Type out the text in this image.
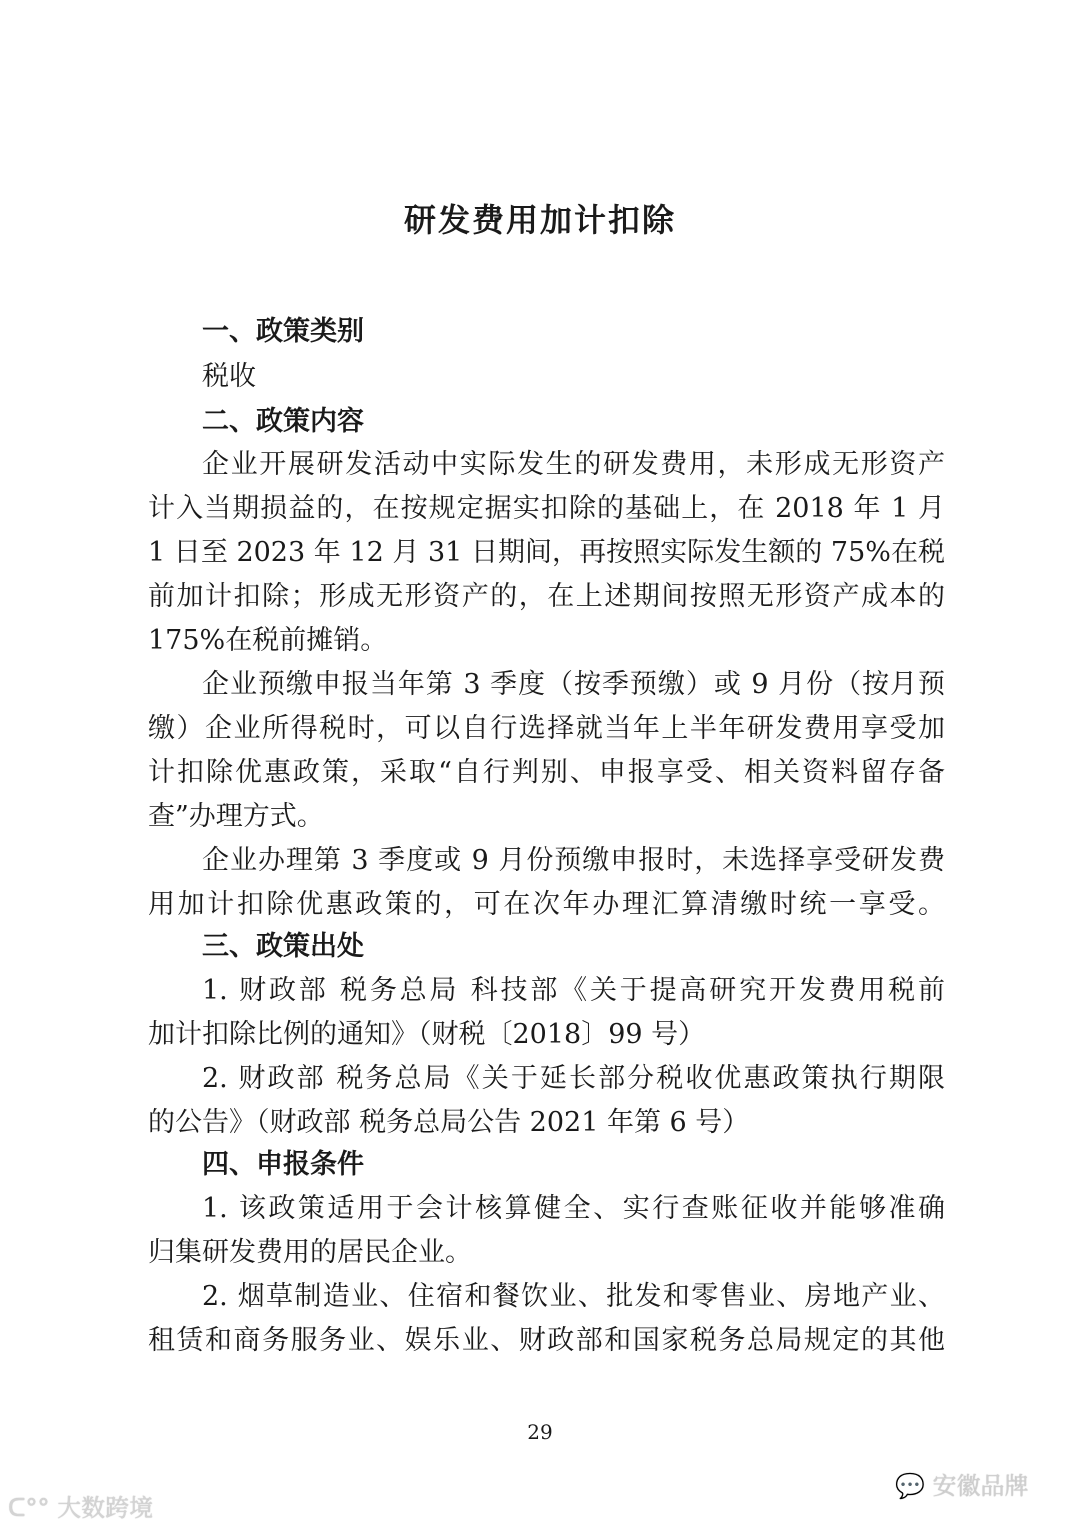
研发费用加计扣除
一、政策类别
税收
二、政策内容
企业开展研发活动中实际发生的研发费用，未形成无形资产
计入当期损益的，在按规定据实扣除的基础上，在 2018 年 1 月
1 日至 2023 年 12 月 31 日期间，再按照实际发生额的 75%在税
前加计扣除；形成无形资产的，在上述期间按照无形资产成本的
175%在税前摊销。
企业预缴申报当年第 3 季度（按季预缴）或 9 月份（按月预
缴）企业所得税时，可以自行选择就当年上半年研发费用享受加
计扣除优惠政策，采取“自行判别、申报享受、相关资料留存备
查”办理方式。
企业办理第 3 季度或 9 月份预缴申报时，未选择享受研发费
用加计扣除优惠政策的，可在次年办理汇算清缴时统一享受。
三、政策出处
1. 财政部 税务总局 科技部《关于提高研究开发费用税前
加计扣除比例的通知》（财税〔2018〕99 号）
2. 财政部 税务总局《关于延长部分税收优惠政策执行期限
的公告》（财政部 税务总局公告 2021 年第 6 号）
四、申报条件
1. 该政策适用于会计核算健全、实行查账征收并能够准确
归集研发费用的居民企业。
2. 烟草制造业、住宿和餐饮业、批发和零售业、房地产业、
租赁和商务服务业、娱乐业、财政部和国家税务总局规定的其他
29
ᑕ°° 大数跨境
💬 安徽品牌
